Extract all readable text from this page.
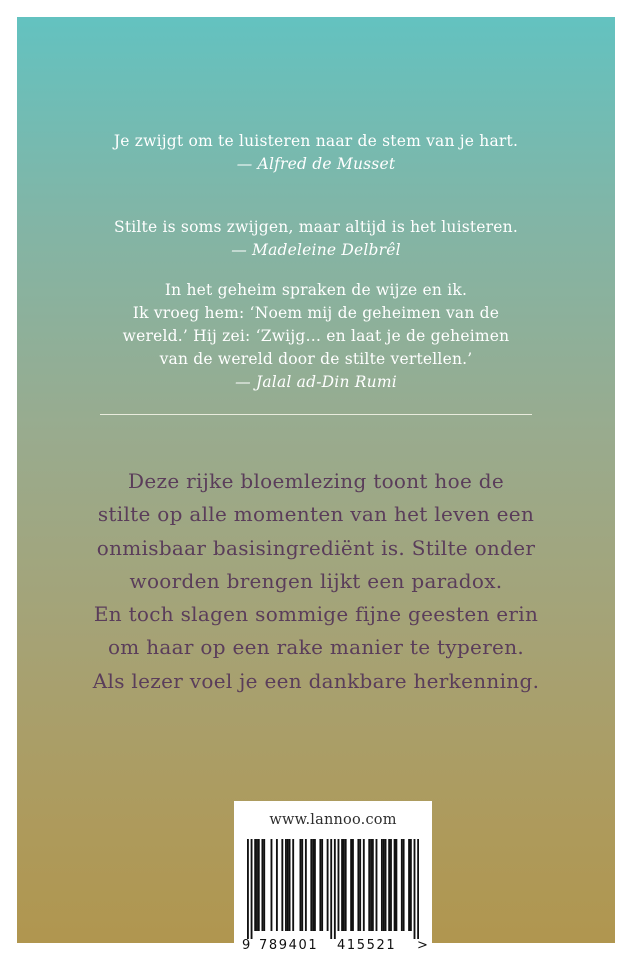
Je zwijgt om te luisteren naar de stem van je hart.
— Alfred de Musset
Stilte is soms zwijgen, maar altijd is het luisteren.
— Madeleine Delbrêl
In het geheim spraken de wijze en ik.
Ik vroeg hem: ‘Noem mij de geheimen van de
wereld.’ Hij zei: ‘Zwijg… en laat je de geheimen
van de wereld door de stilte vertellen.’
— Jalal ad-Din Rumi
Deze rijke bloemlezing toont hoe de
stilte op alle momenten van het leven een
onmisbaar basisingrediënt is. Stilte onder
woorden brengen lijkt een paradox.
En toch slagen sommige fijne geesten erin
om haar op een rake manier te typeren.
Als lezer voel je een dankbare herkenning.
www.lannoo.com
9 789401 415521 >
